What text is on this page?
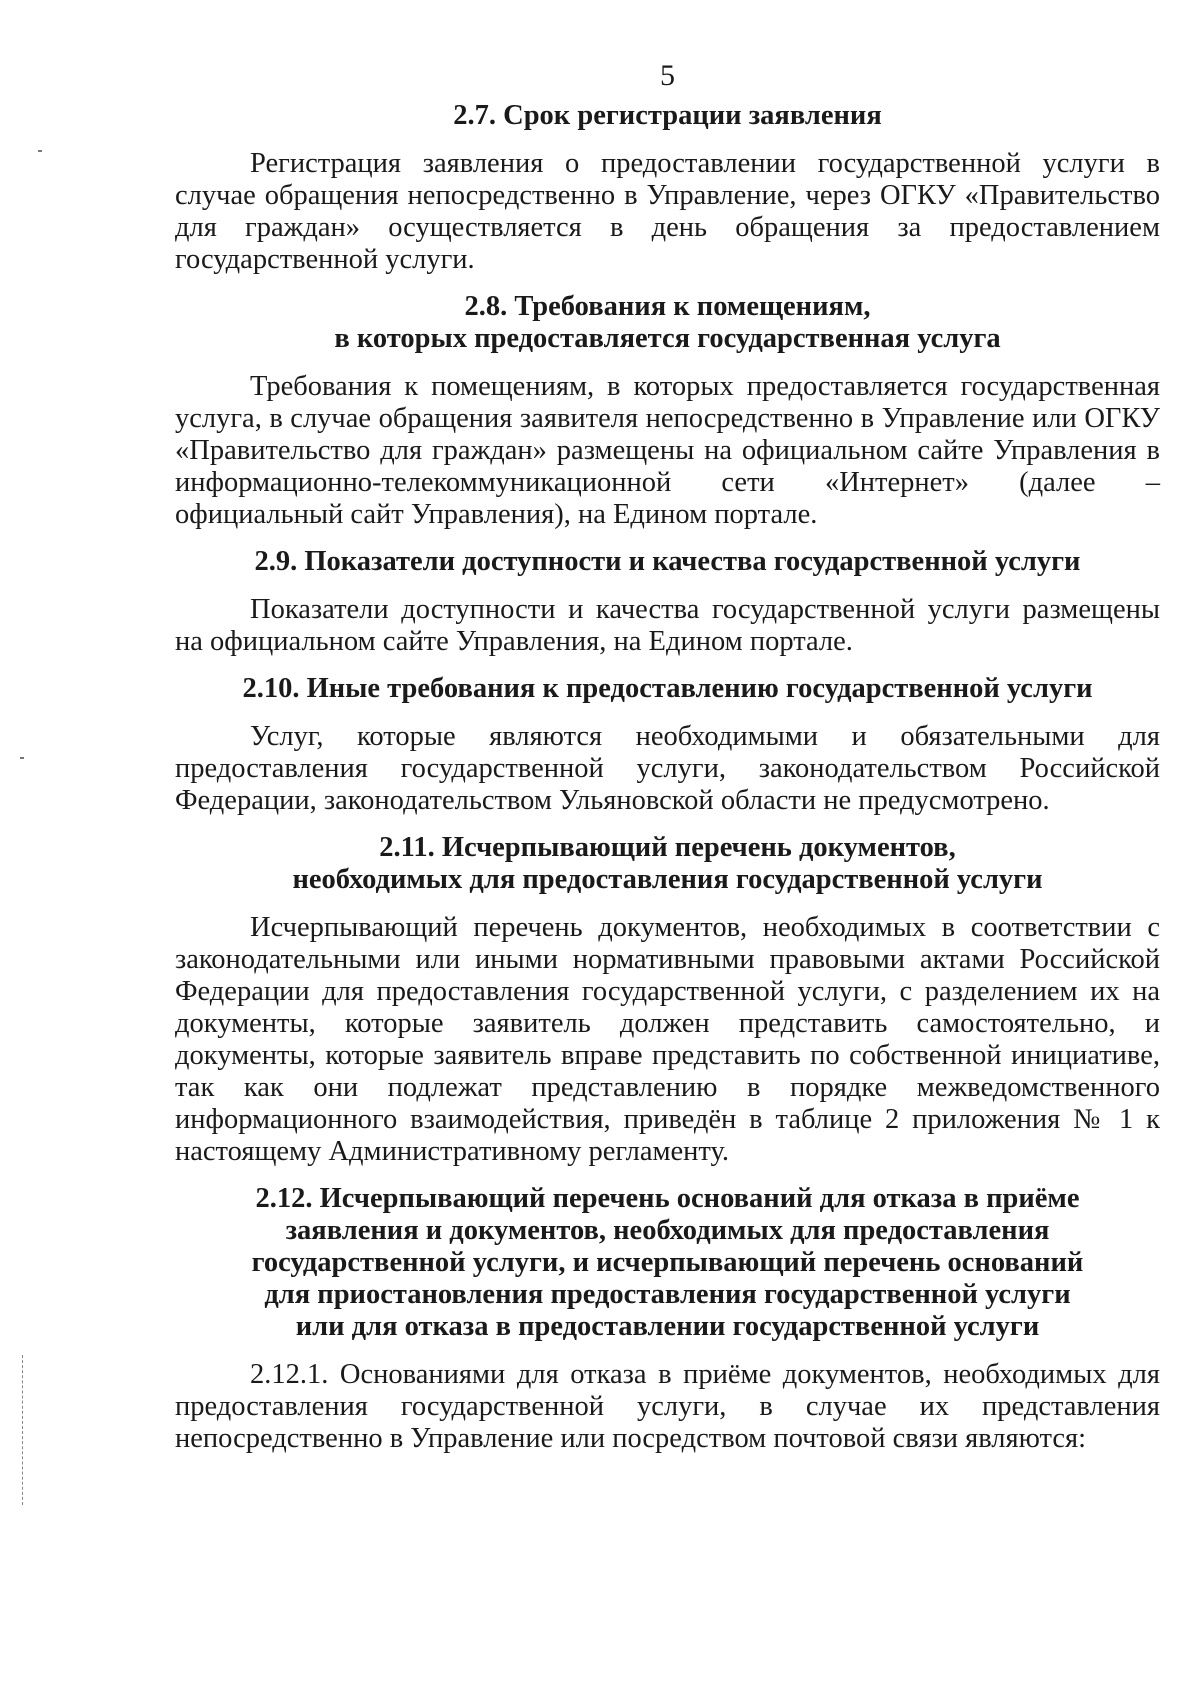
5
2.7. Срок регистрации заявления

Регистрация заявления о предоставлении государственной услуги в случае обращения непосредственно в Управление, через ОГКУ «Правительство для граждан» осуществляется в день обращения за предоставлением государственной услуги.

2.8. Требования к помещениям,
в которых предоставляется государственная услуга

Требования к помещениям, в которых предоставляется государственная услуга, в случае обращения заявителя непосредственно в Управление или ОГКУ «Правительство для граждан» размещены на официальном сайте Управления в информационно-телекоммуникационной сети «Интернет» (далее – официальный сайт Управления), на Едином портале.

2.9. Показатели доступности и качества государственной услуги

Показатели доступности и качества государственной услуги размещены на официальном сайте Управления, на Едином портале.

2.10. Иные требования к предоставлению государственной услуги

Услуг, которые являются необходимыми и обязательными для предоставления государственной услуги, законодательством Российской Федерации, законодательством Ульяновской области не предусмотрено.

2.11. Исчерпывающий перечень документов,
необходимых для предоставления государственной услуги

Исчерпывающий перечень документов, необходимых в соответствии с законодательными или иными нормативными правовыми актами Российской Федерации для предоставления государственной услуги, с разделением их на документы, которые заявитель должен представить самостоятельно, и документы, которые заявитель вправе представить по собственной инициативе, так как они подлежат представлению в порядке межведомственного информационного взаимодействия, приведён в таблице 2 приложения № 1 к настоящему Административному регламенту.

2.12. Исчерпывающий перечень оснований для отказа в приёме
заявления и документов, необходимых для предоставления
государственной услуги, и исчерпывающий перечень оснований
для приостановления предоставления государственной услуги
или для отказа в предоставлении государственной услуги

2.12.1. Основаниями для отказа в приёме документов, необходимых для предоставления государственной услуги, в случае их представления непосредственно в Управление или посредством почтовой связи являются:
